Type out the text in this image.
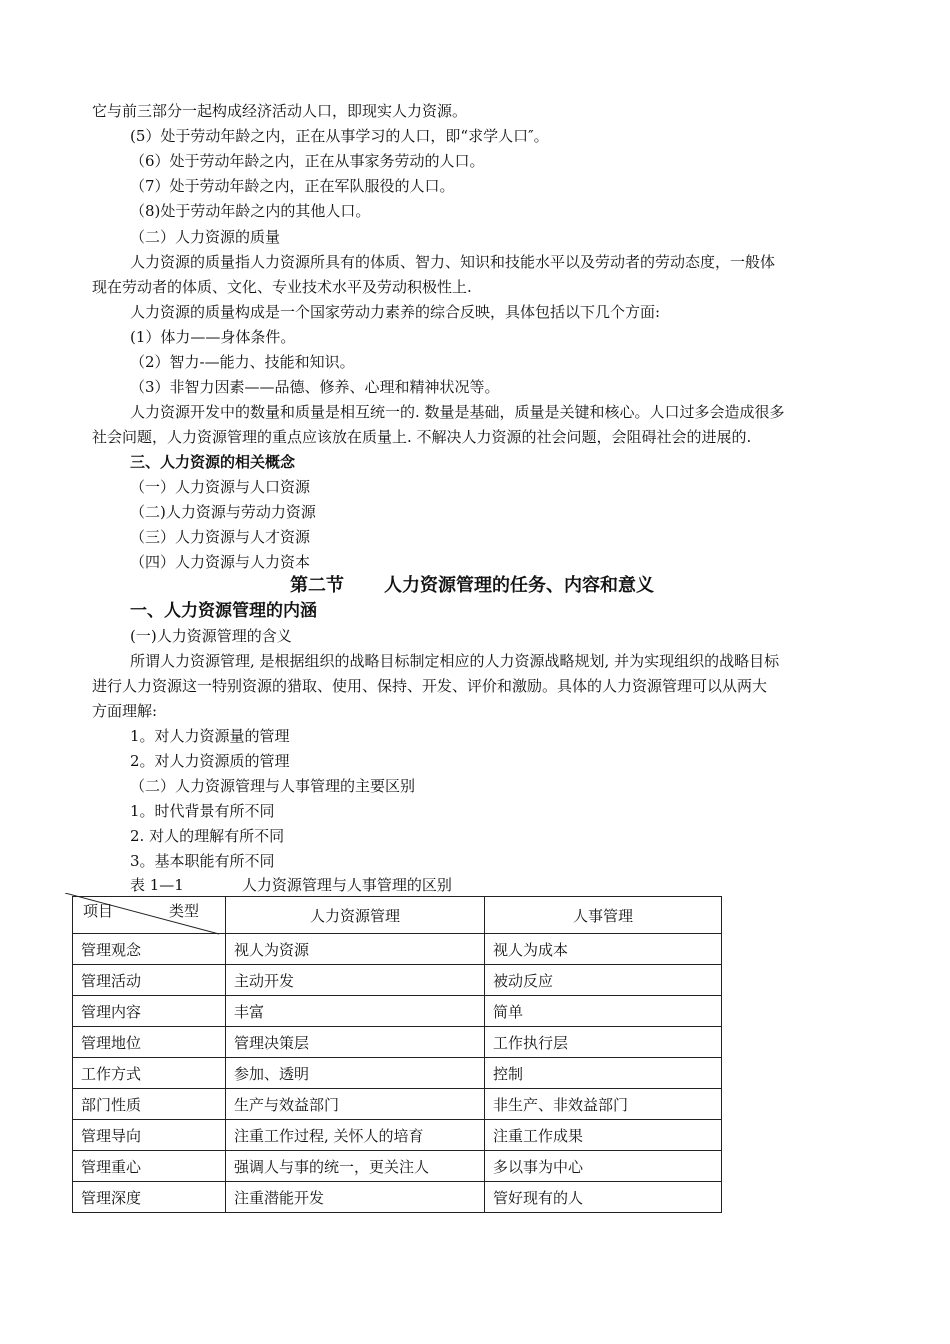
它与前三部分一起构成经济活动人口，即现实人力资源。
(5）处于劳动年龄之内，正在从事学习的人口，即“求学人口″。
（6）处于劳动年龄之内，正在从事家务劳动的人口。
（7）处于劳动年龄之内，正在军队服役的人口。
（8)处于劳动年龄之内的其他人口。
（二）人力资源的质量
人力资源的质量指人力资源所具有的体质、智力、知识和技能水平以及劳动者的劳动态度，一般体
现在劳动者的体质、文化、专业技术水平及劳动积极性上.
人力资源的质量构成是一个国家劳动力素养的综合反映，具体包括以下几个方面:
(1）体力——身体条件。
（2）智力-—能力、技能和知识。
（3）非智力因素——品德、修养、心理和精神状况等。
人力资源开发中的数量和质量是相互统一的. 数量是基础，质量是关键和核心。人口过多会造成很多
社会问题，人力资源管理的重点应该放在质量上. 不解决人力资源的社会问题，会阻碍社会的进展的.
三、人力资源的相关概念
（一）人力资源与人口资源
（二)人力资源与劳动力资源
（三）人力资源与人才资源
（四）人力资源与人力资本
第二节 人力资源管理的任务、内容和意义
一、人力资源管理的内涵
(一)人力资源管理的含义
所谓人力资源管理, 是根据组织的战略目标制定相应的人力资源战略规划, 并为实现组织的战略目标
进行人力资源这一特别资源的猎取、使用、保持、开发、评价和激励。具体的人力资源管理可以从两大
方面理解:
1。对人力资源量的管理
2。对人力资源质的管理
（二）人力资源管理与人事管理的主要区别
1。时代背景有所不同
2. 对人的理解有所不同
3。基本职能有所不同
表 1—1	人力资源管理与人事管理的区别
项目 类型	人力资源管理	人事管理
管理观念	视人为资源	视人为成本
管理活动	主动开发	被动反应
管理内容	丰富	简单
管理地位	管理决策层	工作执行层
工作方式	参加、透明	控制
部门性质	生产与效益部门	非生产、非效益部门
管理导向	注重工作过程, 关怀人的培育	注重工作成果
管理重心	强调人与事的统一，更关注人	多以事为中心
管理深度	注重潜能开发	管好现有的人
